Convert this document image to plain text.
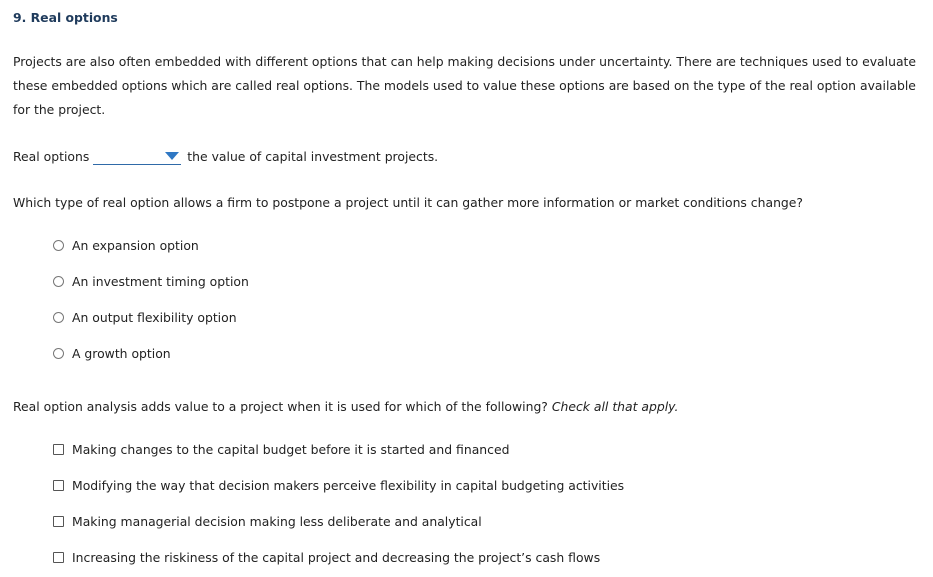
9. Real options

Projects are also often embedded with different options that can help making decisions under uncertainty. There are techniques used to evaluate these embedded options which are called real options. The models used to value these options are based on the type of the real option available for the project.

Real options	the value of capital investment projects.

Which type of real option allows a firm to postpone a project until it can gather more information or market conditions change?

An expansion option
An investment timing option
An output flexibility option
A growth option

Real option analysis adds value to a project when it is used for which of the following? Check all that apply.

Making changes to the capital budget before it is started and financed
Modifying the way that decision makers perceive flexibility in capital budgeting activities
Making managerial decision making less deliberate and analytical
Increasing the riskiness of the capital project and decreasing the project’s cash flows
